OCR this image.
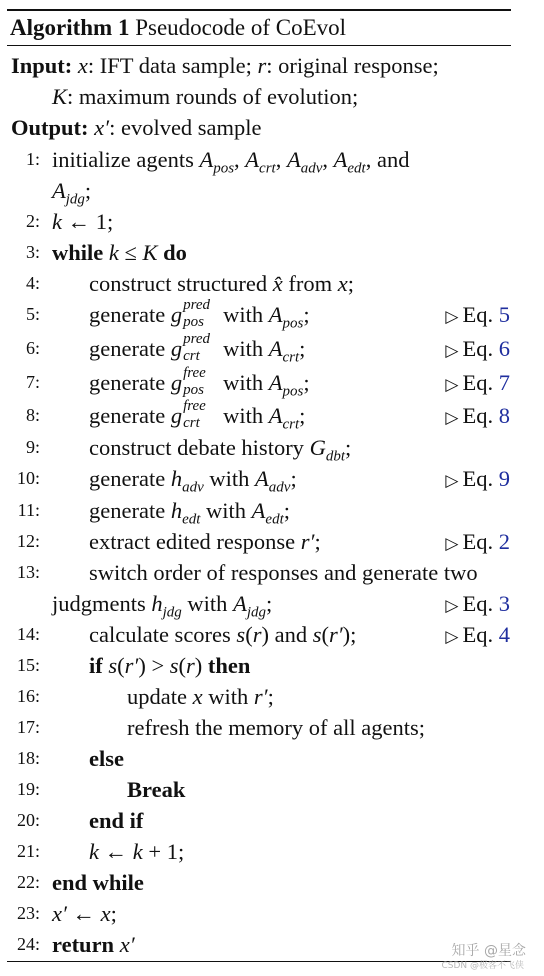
Algorithm 1 Pseudocode of CoEvol
Input: x: IFT data sample; r: original response;
K: maximum rounds of evolution;
Output: x′: evolved sample
1: initialize agents $A_{pos}$, $A_{crt}$, $A_{adv}$, $A_{edt}$, and
$A_{jdg}$;
2: k ← 1;
3: while k ≤ K do
4: construct structured x̂ from x;
5: generate g pred
pos with $A_{pos}$;	▷ Eq. 5
6: generate g pred
crt with $A_{crt}$;	▷ Eq. 6
7: generate g free
pos with $A_{pos}$;	▷ Eq. 7
8: generate g free
crt with $A_{crt}$;	▷ Eq. 8
9: construct debate history $G_{dbt}$;
10: generate $h_{adv}$ with $A_{adv}$;	▷ Eq. 9
11: generate $h_{edt}$ with $A_{edt}$;
12: extract edited response r′;	▷ Eq. 2
13: switch order of responses and generate two
judgments $h_{jdg}$ with $A_{jdg}$;	▷ Eq. 3
14: calculate scores s(r) and s(r′);	▷ Eq. 4
15: if s(r′) > s(r) then
16:	update x with r′;
17:	refresh the memory of all agents;
18: else
19:	Break
20: end if
21: k ← k + 1;
22: end while
23: x′ ← x;
24: return x′	知乎 @星念
CSDN @极客不飞侠
